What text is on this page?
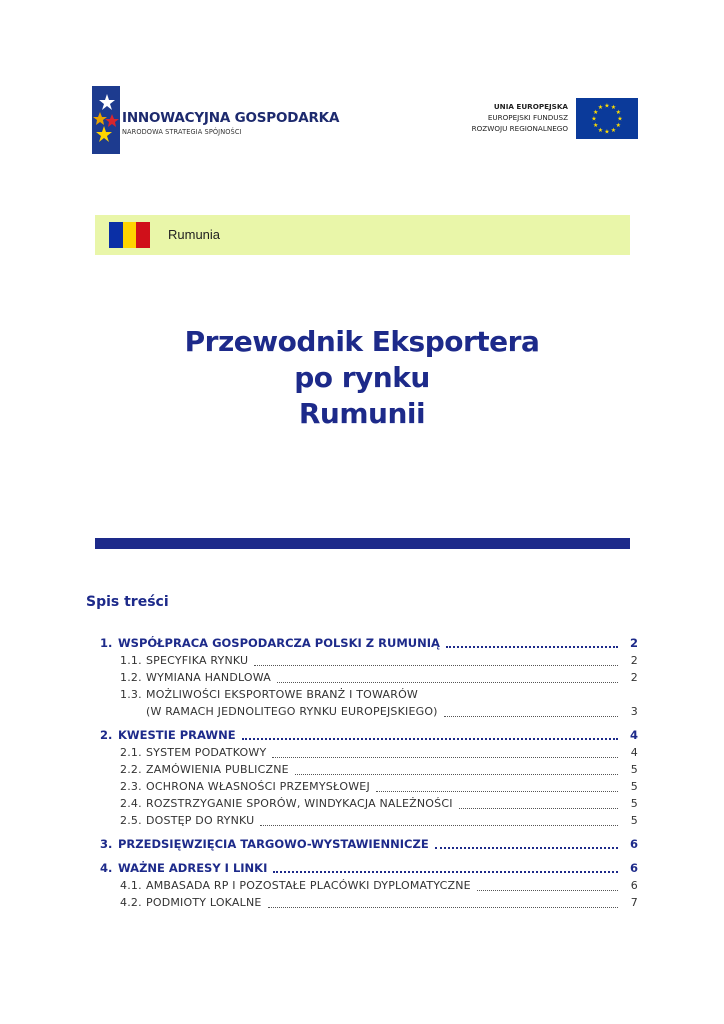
INNOWACYJNA GOSPODARKA
NARODOWA STRATEGIA SPÓJNOŚCI
UNIA EUROPEJSKA
EUROPEJSKI FUNDUSZ
ROZWOJU REGIONALNEGO
★
★
★
★
★
★
★
★
★ ★ ★
★
Rumunia
Przewodnik Eksportera
po rynku
Rumunii
Spis treści
1. WSPÓŁPRACA GOSPODARCZA POLSKI Z RUMUNIĄ	2
1.1. SPECYFIKA RYNKU	2
1.2. WYMIANA HANDLOWA	2
1.3. MOŻLIWOŚCI EKSPORTOWE BRANŻ I TOWARÓW
(W RAMACH JEDNOLITEGO RYNKU EUROPEJSKIEGO)	3
2. KWESTIE PRAWNE	4
2.1. SYSTEM PODATKOWY	4
2.2. ZAMÓWIENIA PUBLICZNE	5
2.3. OCHRONA WŁASNOŚCI PRZEMYSŁOWEJ	5
2.4. ROZSTRZYGANIE SPORÓW, WINDYKACJA NALEŻNOŚCI	5
2.5. DOSTĘP DO RYNKU	5
3. PRZEDSIĘWZIĘCIA TARGOWO-WYSTAWIENNICZE	6
4. WAŻNE ADRESY I LINKI	6
4.1. AMBASADA RP I POZOSTAŁE PLACÓWKI DYPLOMATYCZNE	6
4.2. PODMIOTY LOKALNE	7
